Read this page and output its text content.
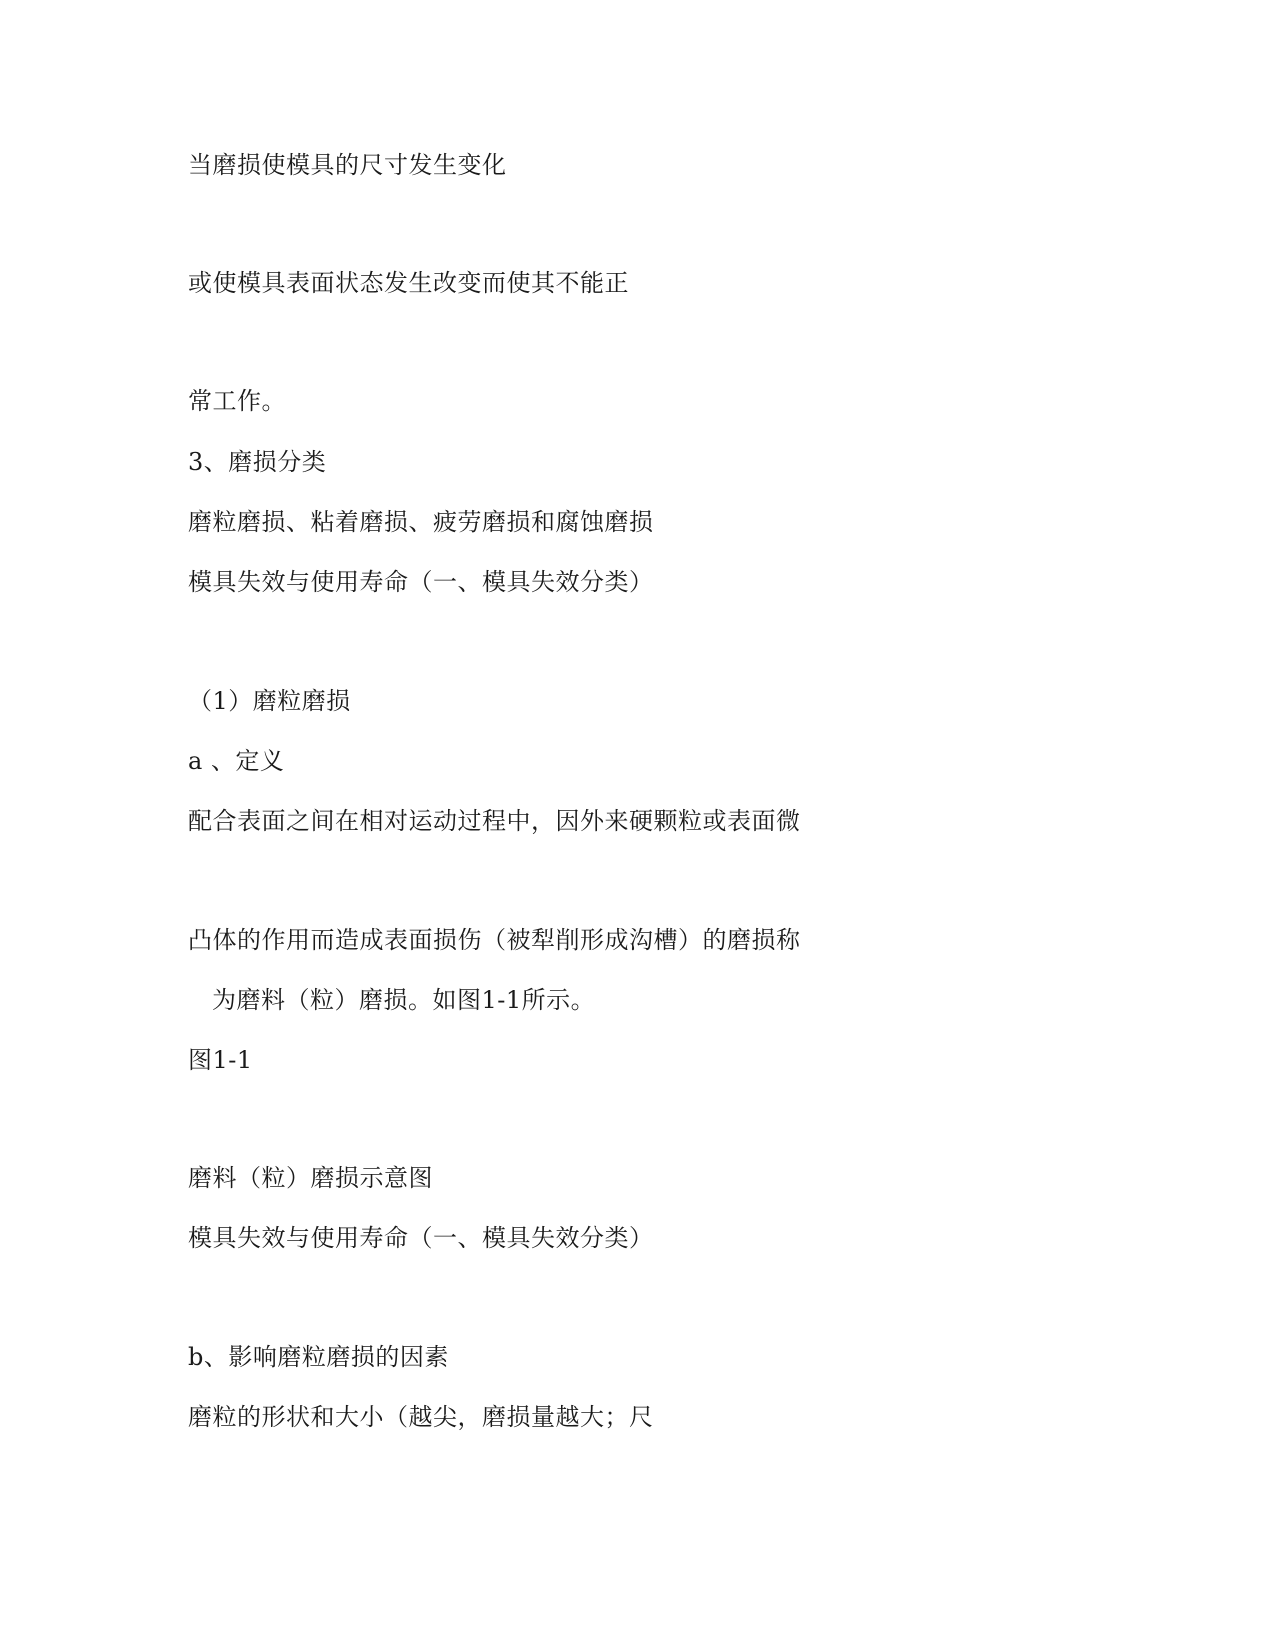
当磨损使模具的尺寸发生变化
或使模具表面状态发生改变而使其不能正
常工作。
3、磨损分类
磨粒磨损、粘着磨损、疲劳磨损和腐蚀磨损
模具失效与使用寿命（一、模具失效分类）
（1）磨粒磨损
a 、定义
配合表面之间在相对运动过程中，因外来硬颗粒或表面微
凸体的作用而造成表面损伤（被犁削形成沟槽）的磨损称
为磨料（粒）磨损。如图1-1所示。
图1-1
磨料（粒）磨损示意图
模具失效与使用寿命（一、模具失效分类）
b、影响磨粒磨损的因素
磨粒的形状和大小（越尖，磨损量越大；尺
